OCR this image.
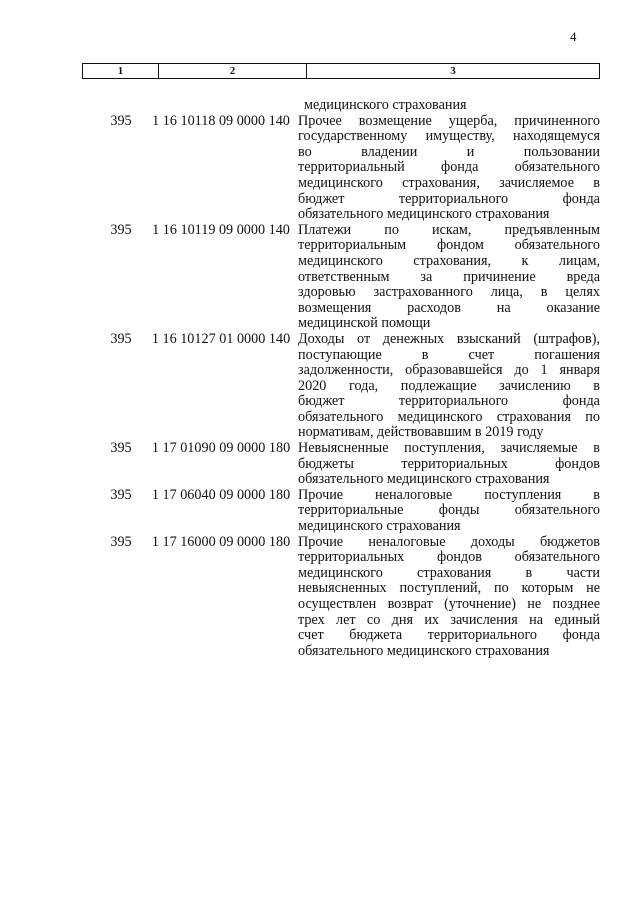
4
1	2	3
медицинского страхования
395	1 16 10118 09 0000 140 Прочее возмещение ущерба, причиненного
государственному имуществу, находящемуся
во владении и пользовании
территориальный фонда обязательного
медицинского страхования, зачисляемое в
бюджет территориального фонда
обязательного медицинского страхования
395	1 16 10119 09 0000 140 Платежи по искам, предъявленным
территориальным фондом обязательного
медицинского страхования, к лицам,
ответственным за причинение вреда
здоровью застрахованного лица, в целях
возмещения расходов на оказание
медицинской помощи
395	1 16 10127 01 0000 140 Доходы от денежных взысканий (штрафов),
поступающие в счет погашения
задолженности, образовавшейся до 1 января
2020 года, подлежащие зачислению в
бюджет территориального фонда
обязательного медицинского страхования по
нормативам, действовавшим в 2019 году
395	1 17 01090 09 0000 180 Невыясненные поступления, зачисляемые в
бюджеты территориальных фондов
обязательного медицинского страхования
395	1 17 06040 09 0000 180 Прочие неналоговые поступления в
территориальные фонды обязательного
медицинского страхования
395	1 17 16000 09 0000 180 Прочие неналоговые доходы бюджетов
территориальных фондов обязательного
медицинского страхования в части
невыясненных поступлений, по которым не
осуществлен возврат (уточнение) не позднее
трех лет со дня их зачисления на единый
счет бюджета территориального фонда
обязательного медицинского страхования
